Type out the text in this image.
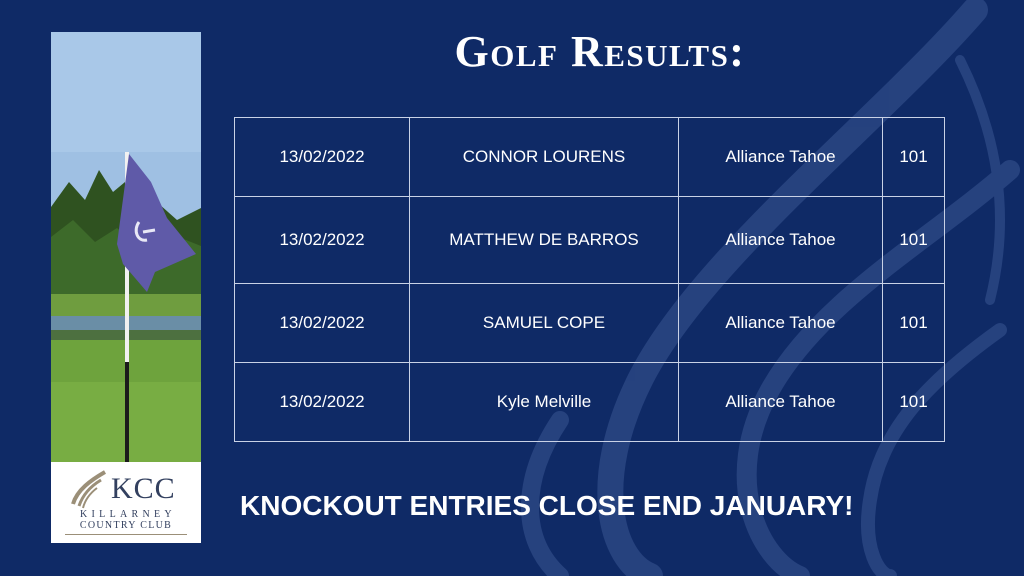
KCC
KILLARNEY
COUNTRY CLUB
Golf Results:
13/02/2022	CONNOR LOURENS	Alliance Tahoe	101
13/02/2022	MATTHEW DE BARROS	Alliance Tahoe	101
13/02/2022	SAMUEL COPE	Alliance Tahoe	101
13/02/2022	Kyle Melville	Alliance Tahoe	101

KNOCKOUT ENTRIES CLOSE END JANUARY!
